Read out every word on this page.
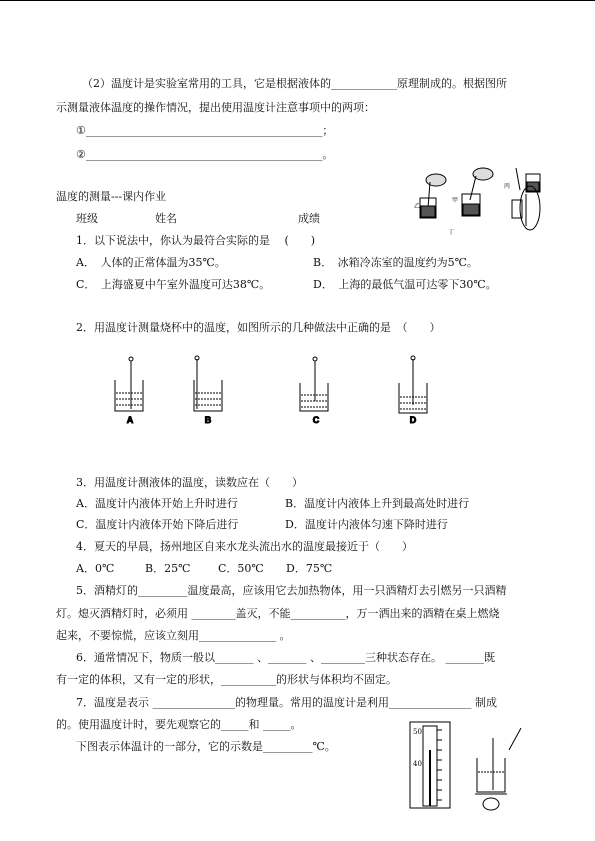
（2）温度计是实验室常用的工具，它是根据液体的____________原理制成的。根据图所
示测量液体温度的操作情况，提出使用温度计注意事项中的两项：
①___________________________________________；
②___________________________________________。
乙
甲
丙
丁
温度的测量---课内作业
班级	姓名	成绩
1．以下说法中，你认为最符合实际的是 　(　　)
A．　人体的正常体温为35℃。	B．　冰箱冷冻室的温度约为5℃。
C．　上海盛夏中午室外温度可达38℃。	D．　上海的最低气温可达零下30℃。
2．用温度计测量烧杯中的温度，如图所示的几种做法中正确的是　（　　）
A	B	C	D
3．用温度计测液体的温度，读数应在（　　）
A．温度计内液体开始上升时进行	B．温度计内液体上升到最高处时进行
C．温度计内液体开始下降后进行	D．温度计内液体匀速下降时进行
4．夏天的早晨，扬州地区自来水龙头流出水的温度最接近于（　　）
A．0℃	B．25℃	C．50℃ D．75℃
5．酒精灯的_________温度最高，应该用它去加热物体，用一只酒精灯去引燃另一只酒精
灯。熄灭酒精灯时，必须用 ________盖灭，不能__________，万一洒出来的酒精在桌上燃烧
起来，不要惊慌，应该立刻用______________ 。
6．通常情况下，物质一般以_______ 、_______ 、________三种状态存在。 _______既
有一定的体积，又有一定的形状，__________的形状与体积均不固定。
7．温度是表示 _______________的物理量。常用的温度计是利用_______________ 制成
的。使用温度计时，要先观察它的_____和 _____。
下图表示体温计的一部分，它的示数是_________℃。
50
40
